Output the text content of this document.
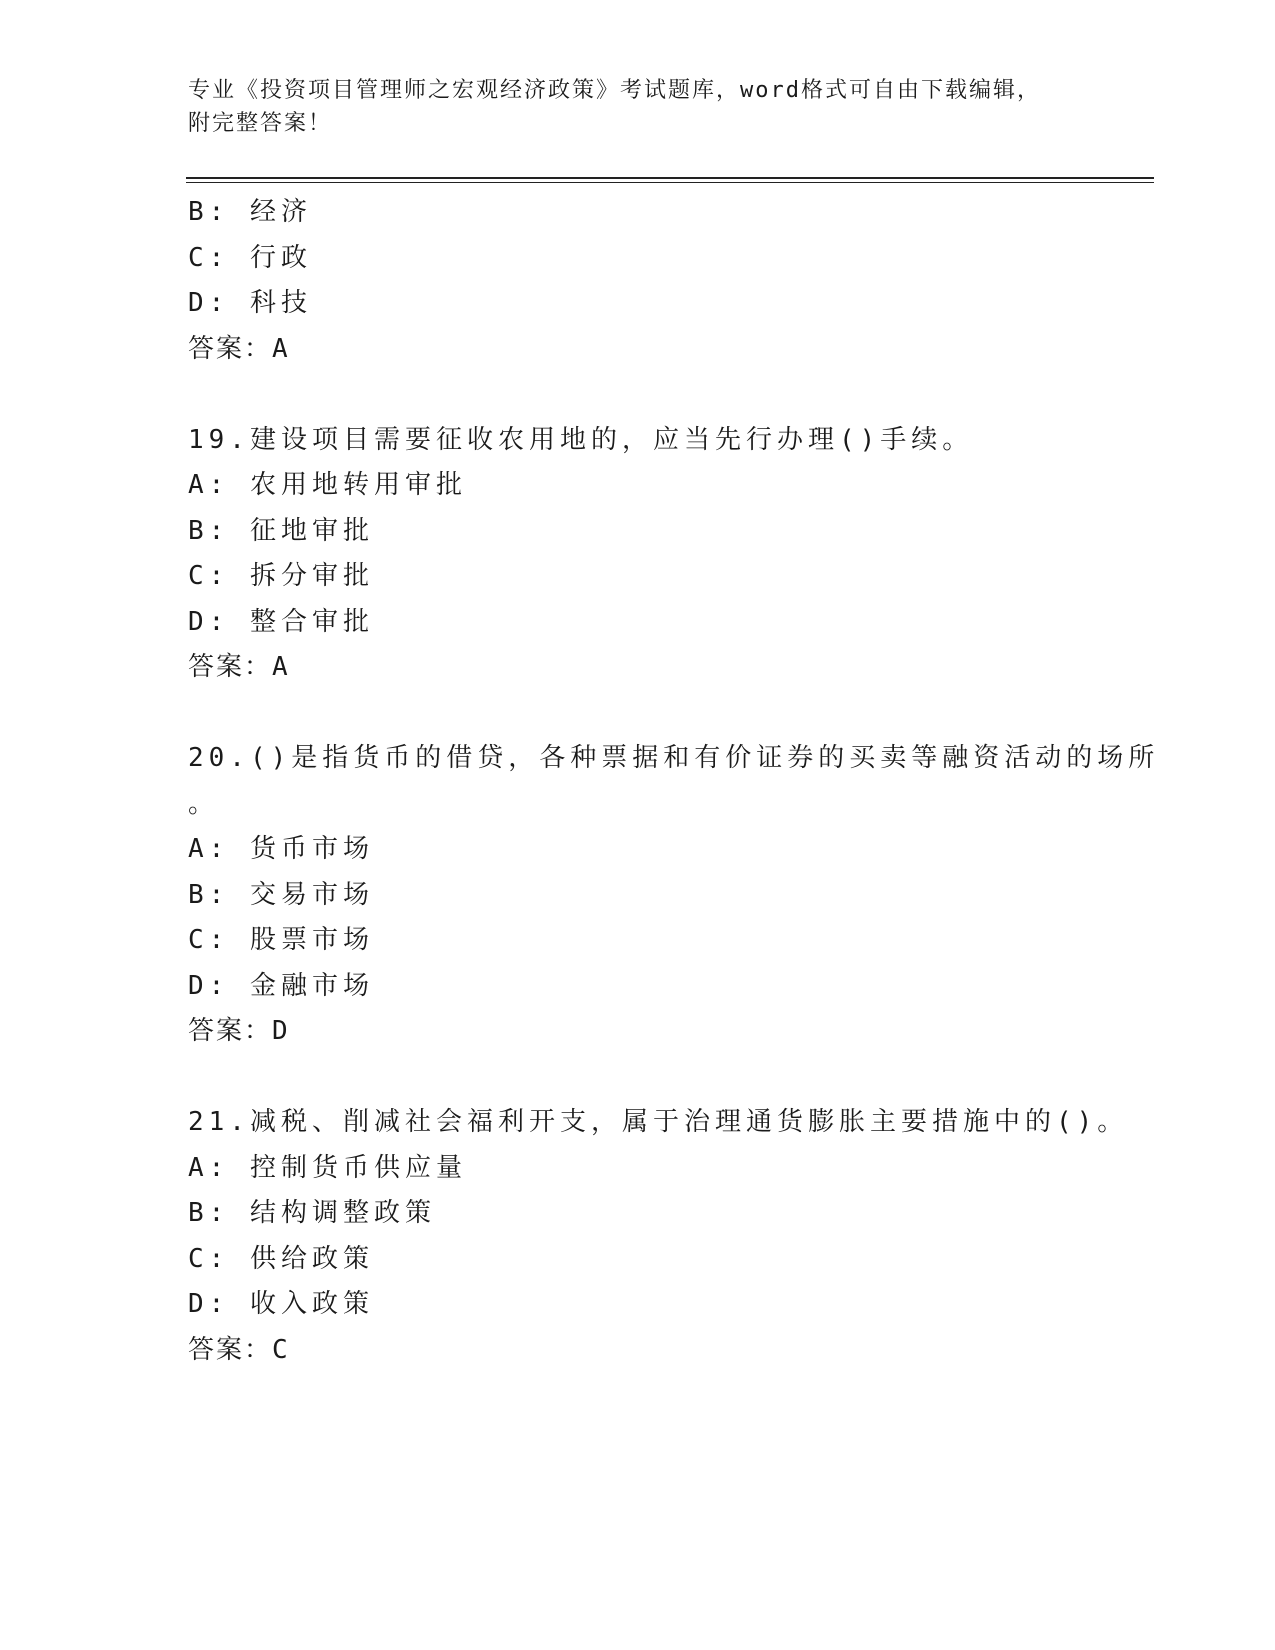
专业《投资项目管理师之宏观经济政策》考试题库，word格式可自由下载编辑，
附完整答案！
B: 经济
C: 行政
D: 科技
答案：A
19.建设项目需要征收农用地的，应当先行办理()手续。
A: 农用地转用审批
B: 征地审批
C: 拆分审批
D: 整合审批
答案：A
20.()是指货币的借贷，各种票据和有价证券的买卖等融资活动的场所
。
A: 货币市场
B: 交易市场
C: 股票市场
D: 金融市场
答案：D
21.减税、削减社会福利开支，属于治理通货膨胀主要措施中的()。
A: 控制货币供应量
B: 结构调整政策
C: 供给政策
D: 收入政策
答案：C
